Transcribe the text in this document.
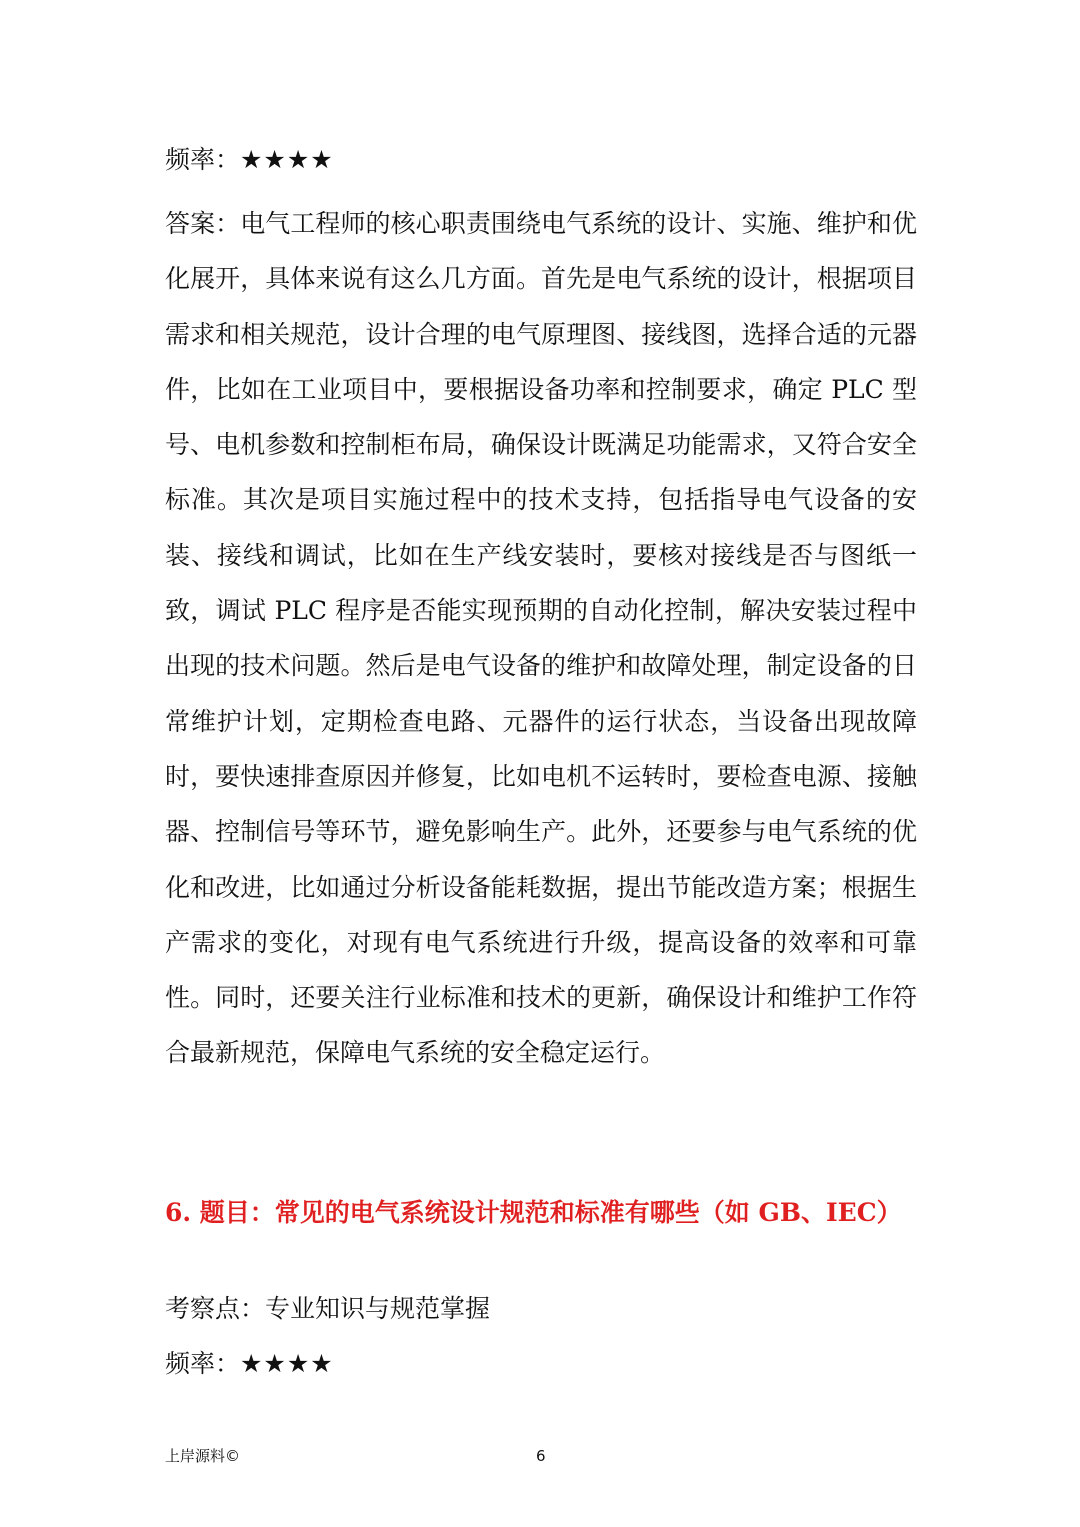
频率：★★★★

答案：电气工程师的核心职责围绕电气系统的设计、实施、维护和优化展开，具体来说有这么几方面。首先是电气系统的设计，根据项目需求和相关规范，设计合理的电气原理图、接线图，选择合适的元器件，比如在工业项目中，要根据设备功率和控制要求，确定 PLC 型号、电机参数和控制柜布局，确保设计既满足功能需求，又符合安全标准。其次是项目实施过程中的技术支持，包括指导电气设备的安装、接线和调试，比如在生产线安装时，要核对接线是否与图纸一致，调试 PLC 程序是否能实现预期的自动化控制，解决安装过程中出现的技术问题。然后是电气设备的维护和故障处理，制定设备的日常维护计划，定期检查电路、元器件的运行状态，当设备出现故障时，要快速排查原因并修复，比如电机不运转时，要检查电源、接触器、控制信号等环节，避免影响生产。此外，还要参与电气系统的优化和改进，比如通过分析设备能耗数据，提出节能改造方案；根据生产需求的变化，对现有电气系统进行升级，提高设备的效率和可靠性。同时，还要关注行业标准和技术的更新，确保设计和维护工作符合最新规范，保障电气系统的安全稳定运行。

6. 题目：常见的电气系统设计规范和标准有哪些（如 GB、IEC）
考察点：专业知识与规范掌握
频率：★★★★
上岸源料©	6
